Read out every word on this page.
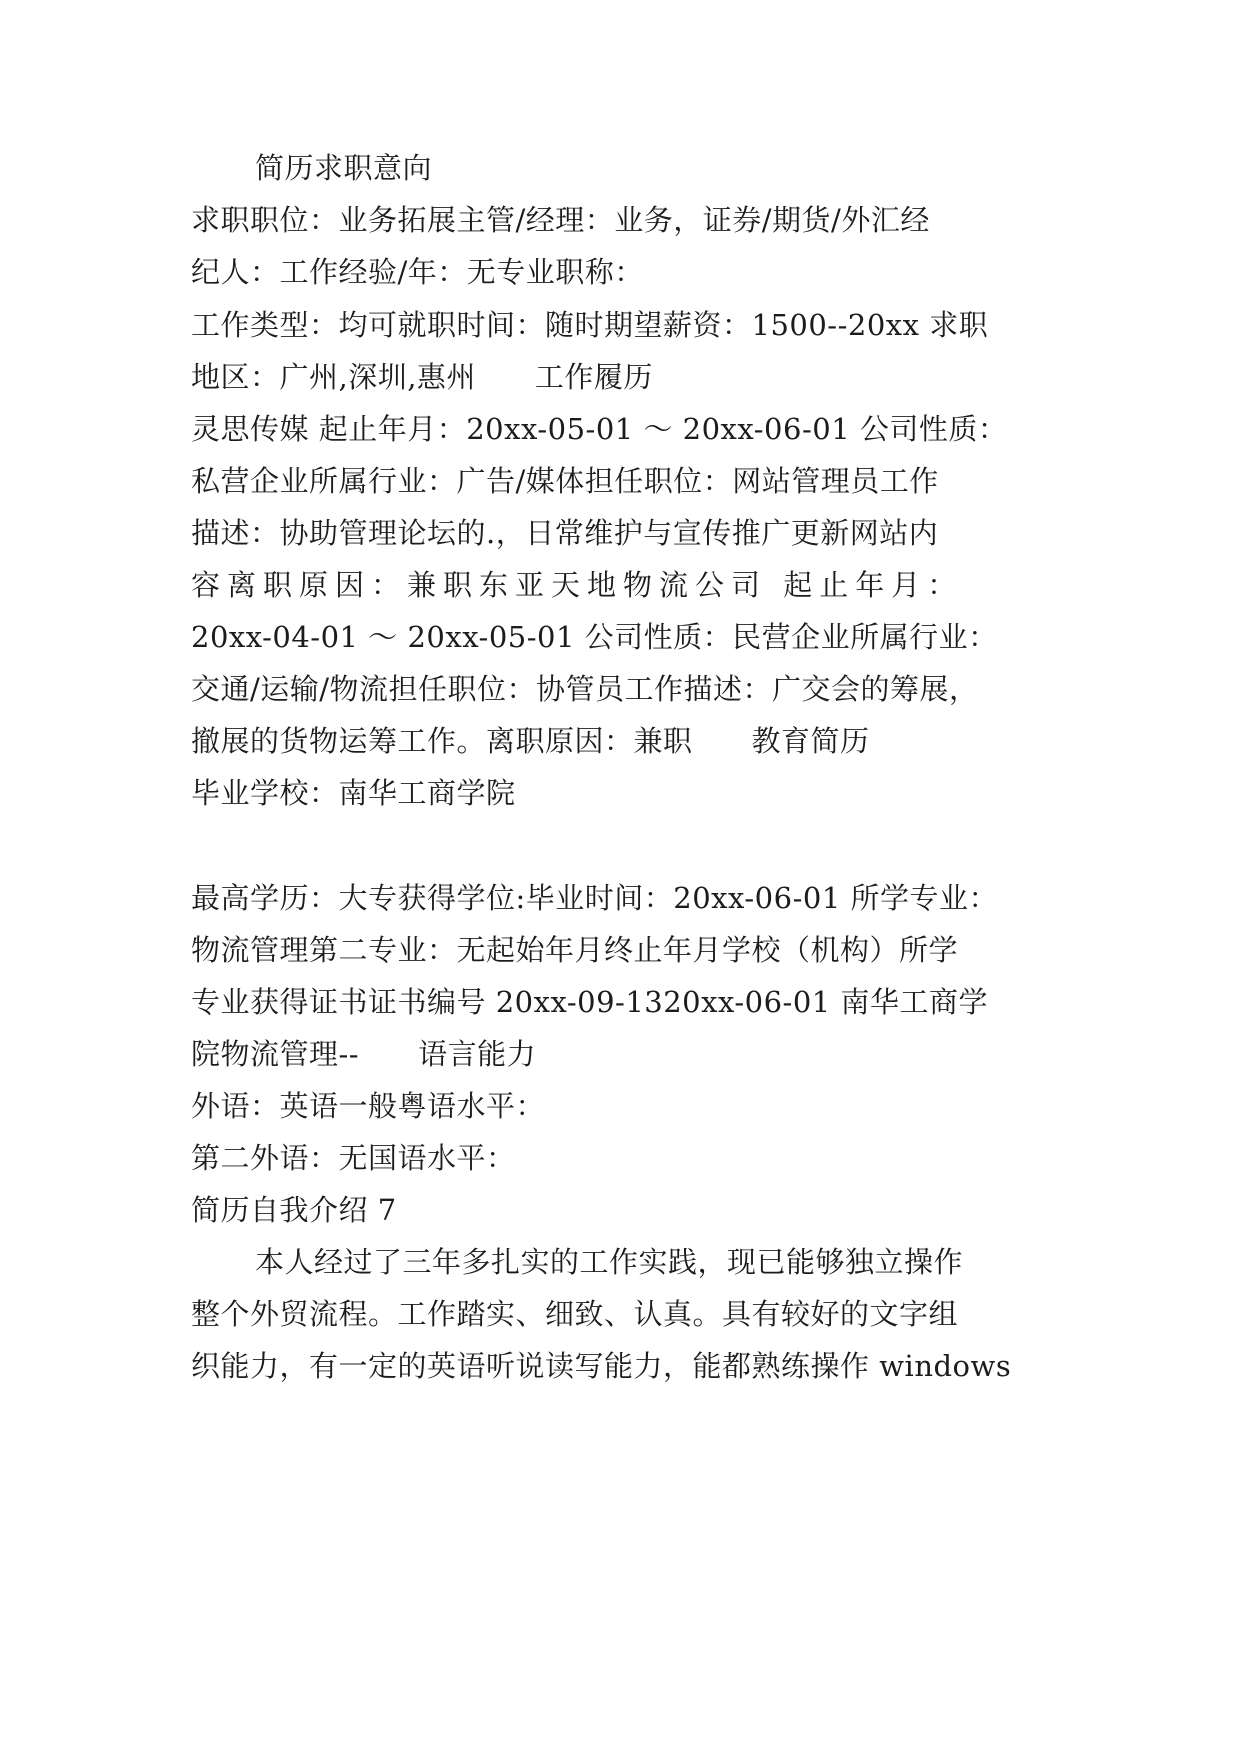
简历求职意向
求职职位：业务拓展主管/经理：业务，证券/期货/外汇经
纪人：工作经验/年：无专业职称：
工作类型：均可就职时间：随时期望薪资：1500--20xx 求职
地区：广州,深圳,惠州　　工作履历
灵思传媒 起止年月：20xx-05-01 ～ 20xx-06-01 公司性质：
私营企业所属行业：广告/媒体担任职位：网站管理员工作
描述：协助管理论坛的.，日常维护与宣传推广更新网站内
容离职原因：兼职东亚天地物流公司 起止年月：
20xx-04-01 ～ 20xx-05-01 公司性质：民营企业所属行业：
交通/运输/物流担任职位：协管员工作描述：广交会的筹展，
撤展的货物运筹工作。离职原因：兼职　　教育简历
毕业学校：南华工商学院
最高学历：大专获得学位:毕业时间：20xx-06-01 所学专业：
物流管理第二专业：无起始年月终止年月学校（机构）所学
专业获得证书证书编号 20xx-09-1320xx-06-01 南华工商学
院物流管理--　　语言能力
外语：英语一般粤语水平：
第二外语：无国语水平：
简历自我介绍 7
本人经过了三年多扎实的工作实践，现已能够独立操作
整个外贸流程。工作踏实、细致、认真。具有较好的文字组
织能力，有一定的英语听说读写能力，能都熟练操作 windows
